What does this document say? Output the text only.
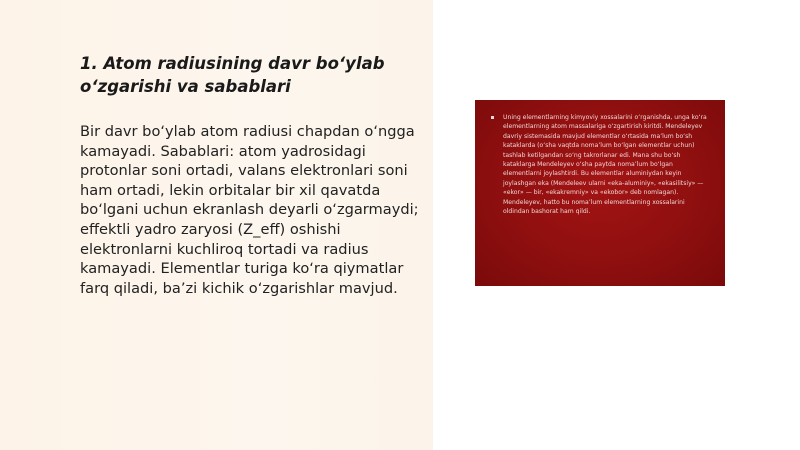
1. Atom radiusining davr bo‘ylab o‘zgarishi va sabablari

Bir davr bo‘ylab atom radiusi chapdan o‘ngga kamayadi. Sabablari: atom yadrosidagi protonlar soni ortadi, valans elektronlari soni ham ortadi, lekin orbitalar bir xil qavatda bo‘lgani uchun ekranlash deyarli o‘zgarmaydi; effektli yadro zaryosi (Z_eff) oshishi elektronlarni kuchliroq tortadi va radius kamayadi. Elementlar turiga ko‘ra qiymatlar farq qiladi, ba’zi kichik o‘zgarishlar mavjud.

Uning elementlarning kimyoviy xossalarini o‘rganishda, unga ko‘ra elementlarning atom massalariga o‘zgartirish kiritdi. Mendeleyev davriy sistemasida mavjud elementlar o‘rtasida ma’lum bo‘sh kataklarda (o‘sha vaqtda noma’lum bo‘lgan elementlar uchun) tashlab ketilgandan so‘ng takrorlanar edi. Mana shu bo‘sh kataklarga Mendeleyev o‘sha paytda noma’lum bo‘lgan elementlarni joylashtirdi. Bu elementlar aluminiydan keyin joylashgan eka (Mendeleev ularni «eka-aluminiy», «ekasilitsiy» — «ekor» — bir, «ekakremniy» va «ekobor» deb nomlagan). Mendeleyev, hatto bu noma’lum elementlarning xossalarini oldindan bashorat ham qildi.
